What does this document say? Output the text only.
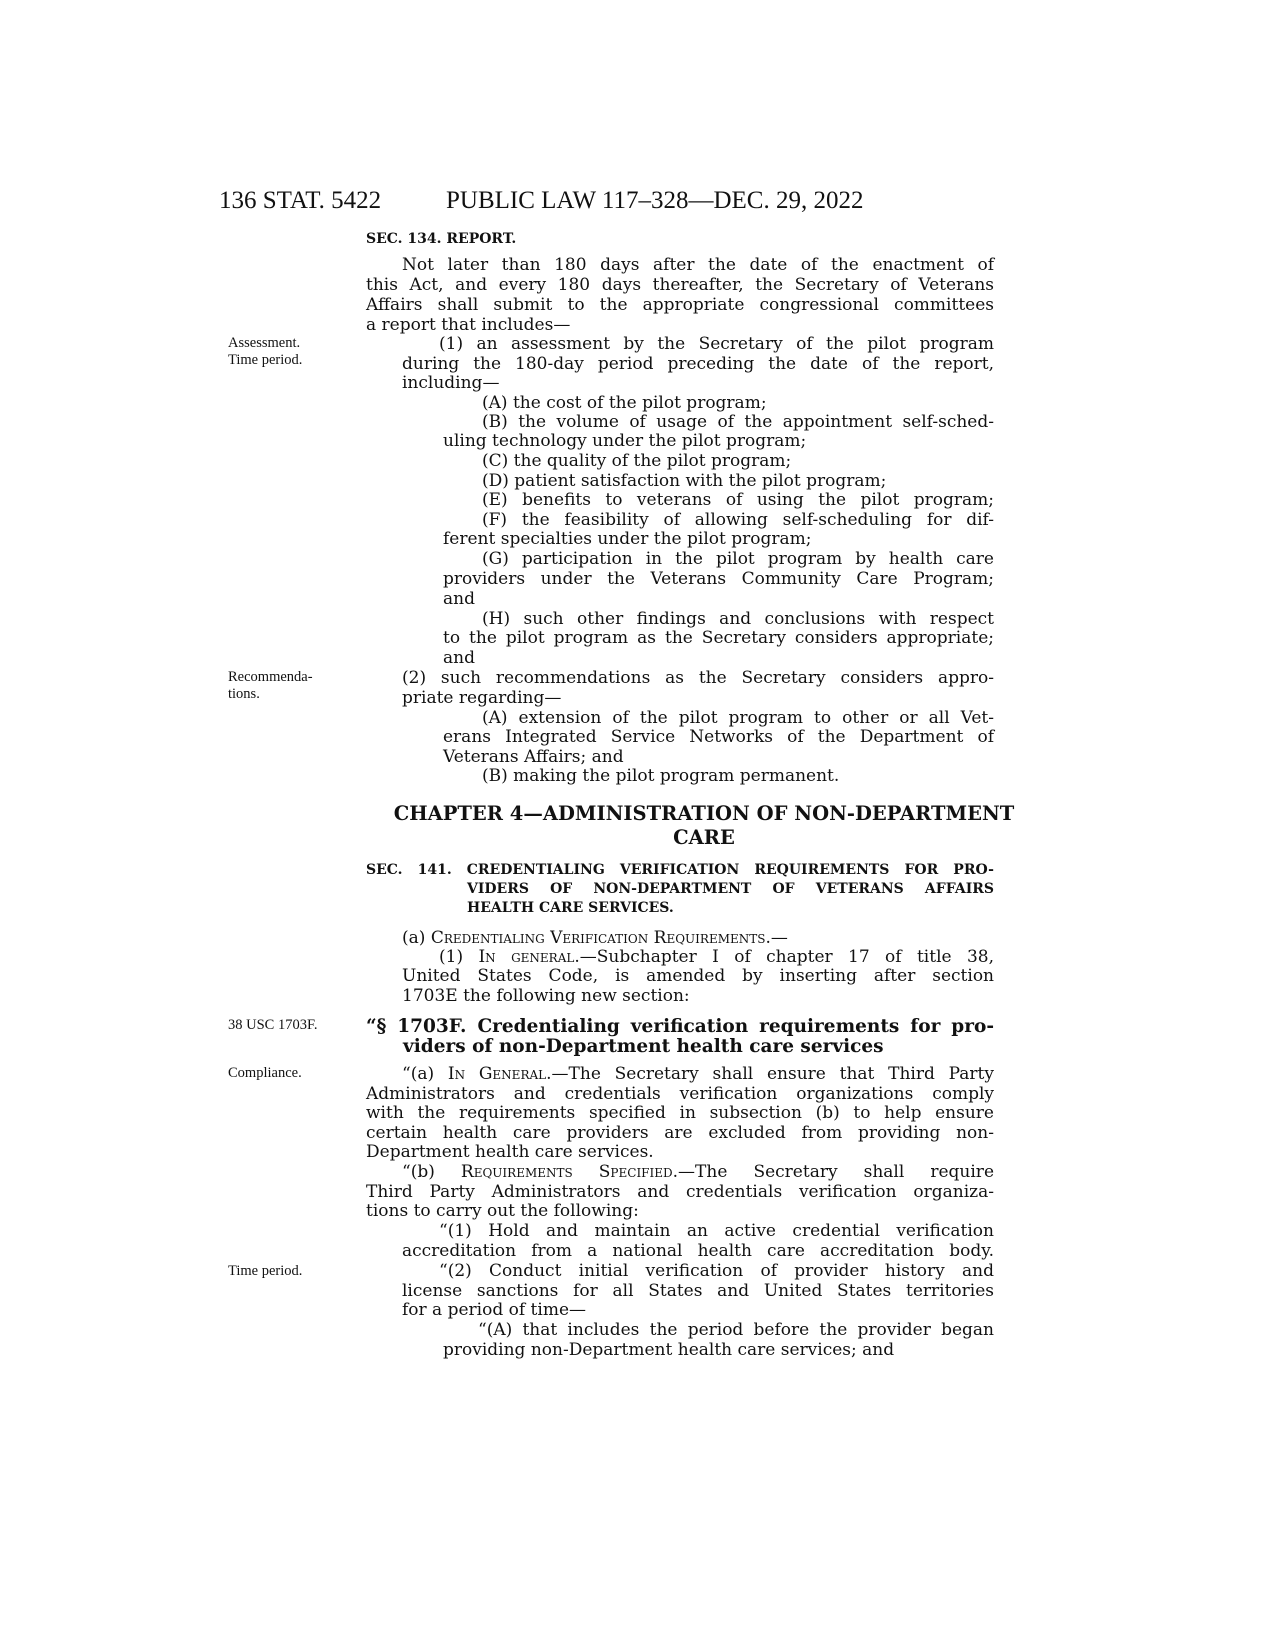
136 STAT. 5422	PUBLIC LAW 117–328—DEC. 29, 2022
Assessment.
Time period.
Recommenda-
tions.
38 USC 1703F.
Compliance.
Time period.
SEC. 134. REPORT.
Not later than 180 days after the date of the enactment of
this Act, and every 180 days thereafter, the Secretary of Veterans
Affairs shall submit to the appropriate congressional committees
a report that includes—
(1) an assessment by the Secretary of the pilot program
during the 180-day period preceding the date of the report,
including—
(A) the cost of the pilot program;
(B) the volume of usage of the appointment self-sched-
uling technology under the pilot program;
(C) the quality of the pilot program;
(D) patient satisfaction with the pilot program;
(E) benefits to veterans of using the pilot program;
(F) the feasibility of allowing self-scheduling for dif-
ferent specialties under the pilot program;
(G) participation in the pilot program by health care
providers under the Veterans Community Care Program;
and
(H) such other findings and conclusions with respect
to the pilot program as the Secretary considers appropriate;
and
(2) such recommendations as the Secretary considers appro-
priate regarding—
(A) extension of the pilot program to other or all Vet-
erans Integrated Service Networks of the Department of
Veterans Affairs; and
(B) making the pilot program permanent.
CHAPTER 4—ADMINISTRATION OF NON-DEPARTMENT
CARE
SEC. 141. CREDENTIALING VERIFICATION REQUIREMENTS FOR PRO-
VIDERS OF NON-DEPARTMENT OF VETERANS AFFAIRS
HEALTH CARE SERVICES.
(a) Credentialing Verification Requirements.—
(1) In general.—Subchapter I of chapter 17 of title 38,
United States Code, is amended by inserting after section
1703E the following new section:
“§ 1703F. Credentialing verification requirements for pro-
viders of non-Department health care services
“(a) In General.—The Secretary shall ensure that Third Party
Administrators and credentials verification organizations comply
with the requirements specified in subsection (b) to help ensure
certain health care providers are excluded from providing non-
Department health care services.
“(b) Requirements Specified.—The Secretary shall require
Third Party Administrators and credentials verification organiza-
tions to carry out the following:
“(1) Hold and maintain an active credential verification
accreditation from a national health care accreditation body.
“(2) Conduct initial verification of provider history and
license sanctions for all States and United States territories
for a period of time—
“(A) that includes the period before the provider began
providing non-Department health care services; and
